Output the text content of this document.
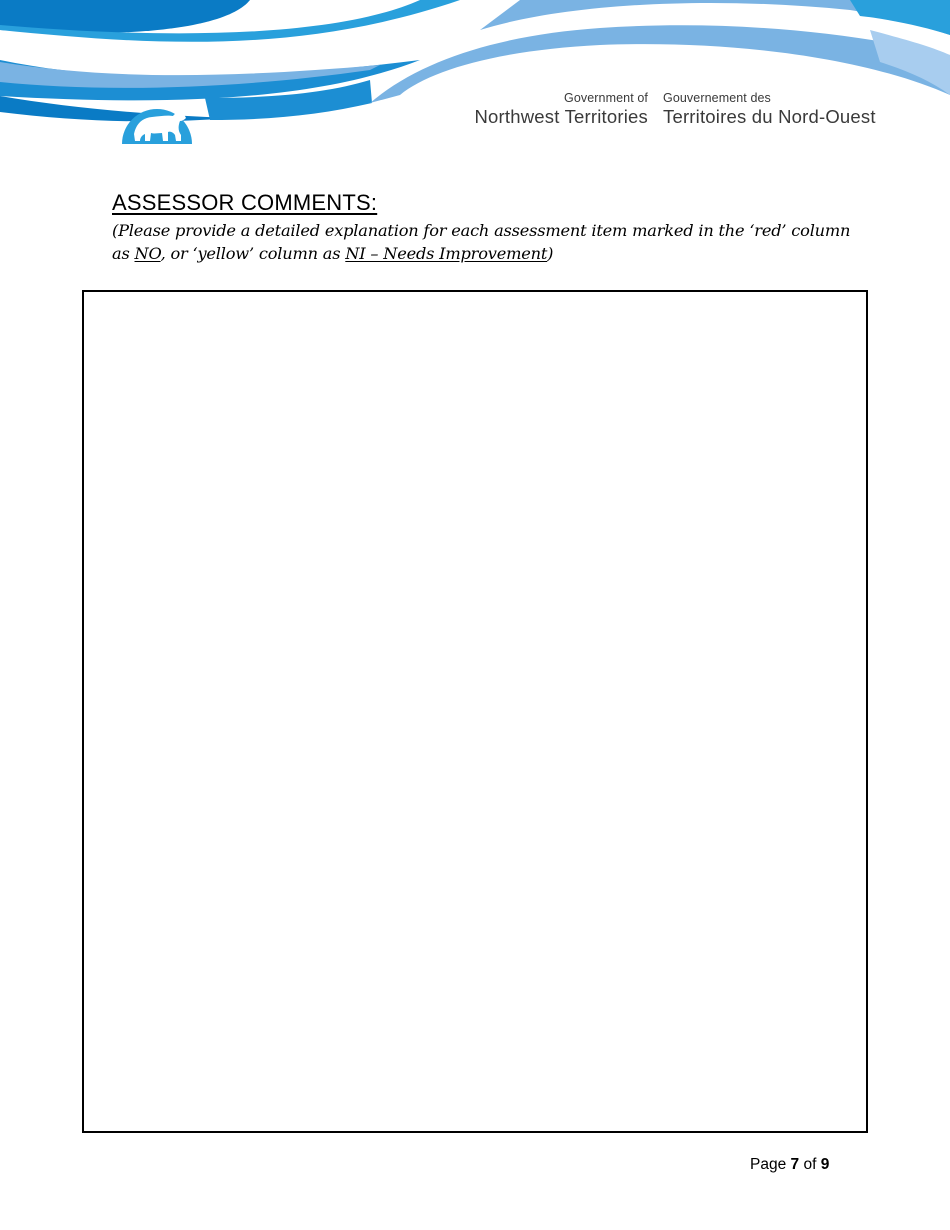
Government of
Northwest Territories
Gouvernement des
Territoires du Nord-Ouest
ASSESSOR COMMENTS:
(Please provide a detailed explanation for each assessment item marked in the ‘red’ column as NO, or ‘yellow’ column as NI – Needs Improvement)
Page 7 of 9
